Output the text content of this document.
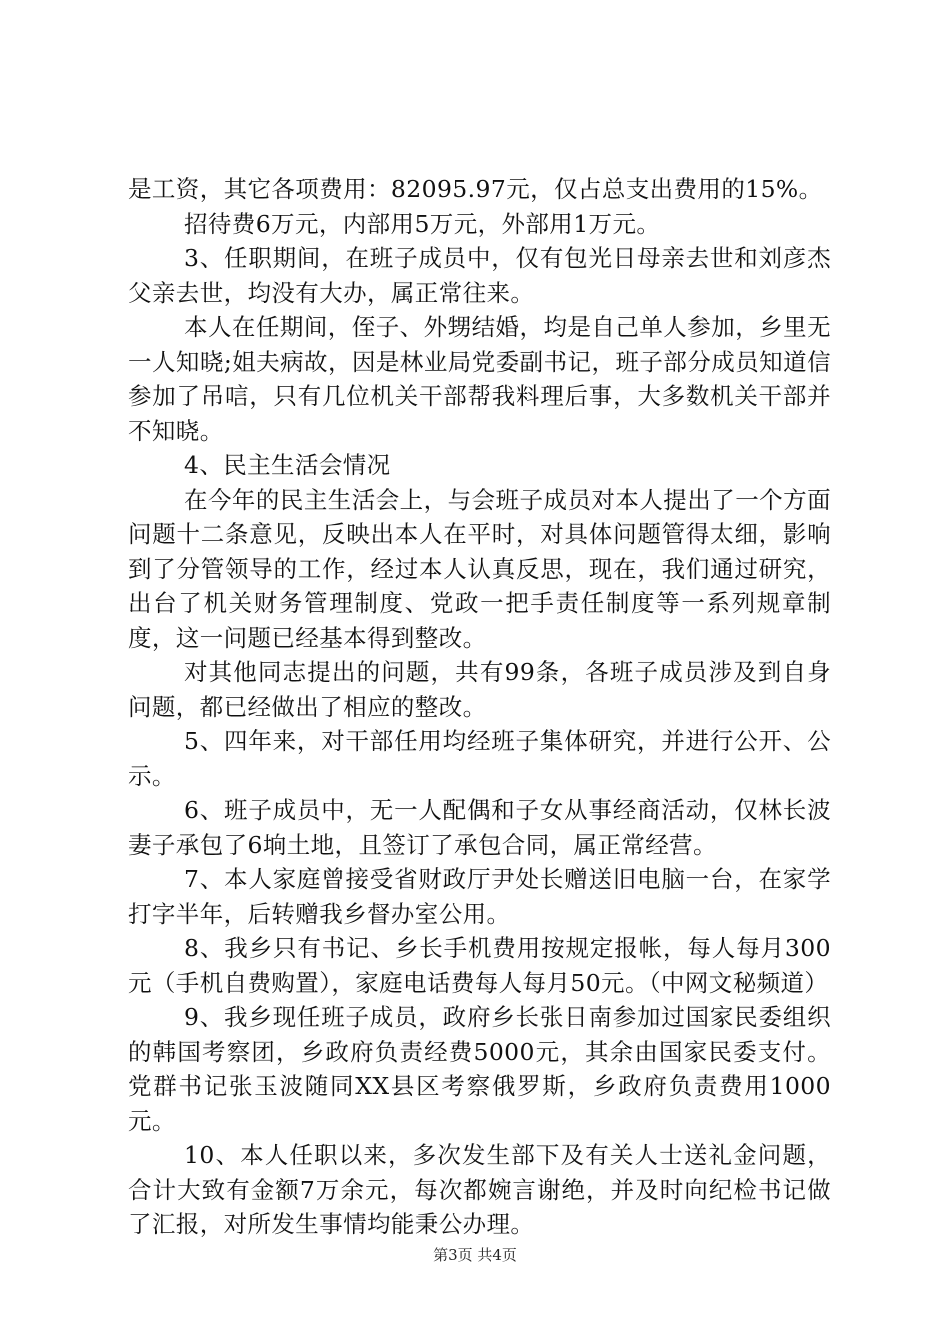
是工资，其它各项费用：82095.97元，仅占总支出费用的15%。

招待费6万元，内部用5万元，外部用1万元。

3、任职期间，在班子成员中，仅有包光日母亲去世和刘彦杰父亲去世，均没有大办，属正常往来。

本人在任期间，侄子、外甥结婚，均是自己单人参加，乡里无一人知晓;姐夫病故，因是林业局党委副书记，班子部分成员知道信参加了吊唁，只有几位机关干部帮我料理后事，大多数机关干部并不知晓。

4、民主生活会情况

在今年的民主生活会上，与会班子成员对本人提出了一个方面问题十二条意见，反映出本人在平时，对具体问题管得太细，影响到了分管领导的工作，经过本人认真反思，现在，我们通过研究，出台了机关财务管理制度、党政一把手责任制度等一系列规章制度，这一问题已经基本得到整改。

对其他同志提出的问题，共有99条，各班子成员涉及到自身问题，都已经做出了相应的整改。

5、四年来，对干部任用均经班子集体研究，并进行公开、公示。

6、班子成员中，无一人配偶和子女从事经商活动，仅林长波妻子承包了6垧土地，且签订了承包合同，属正常经营。

7、本人家庭曾接受省财政厅尹处长赠送旧电脑一台，在家学打字半年，后转赠我乡督办室公用。

8、我乡只有书记、乡长手机费用按规定报帐，每人每月300元（手机自费购置），家庭电话费每人每月50元。（中网文秘频道）

9、我乡现任班子成员，政府乡长张日南参加过国家民委组织的韩国考察团，乡政府负责经费5000元，其余由国家民委支付。党群书记张玉波随同XX县区考察俄罗斯，乡政府负责费用1000元。

10、本人任职以来，多次发生部下及有关人士送礼金问题，合计大致有金额7万余元，每次都婉言谢绝，并及时向纪检书记做了汇报，对所发生事情均能秉公办理。

第3页 共4页
